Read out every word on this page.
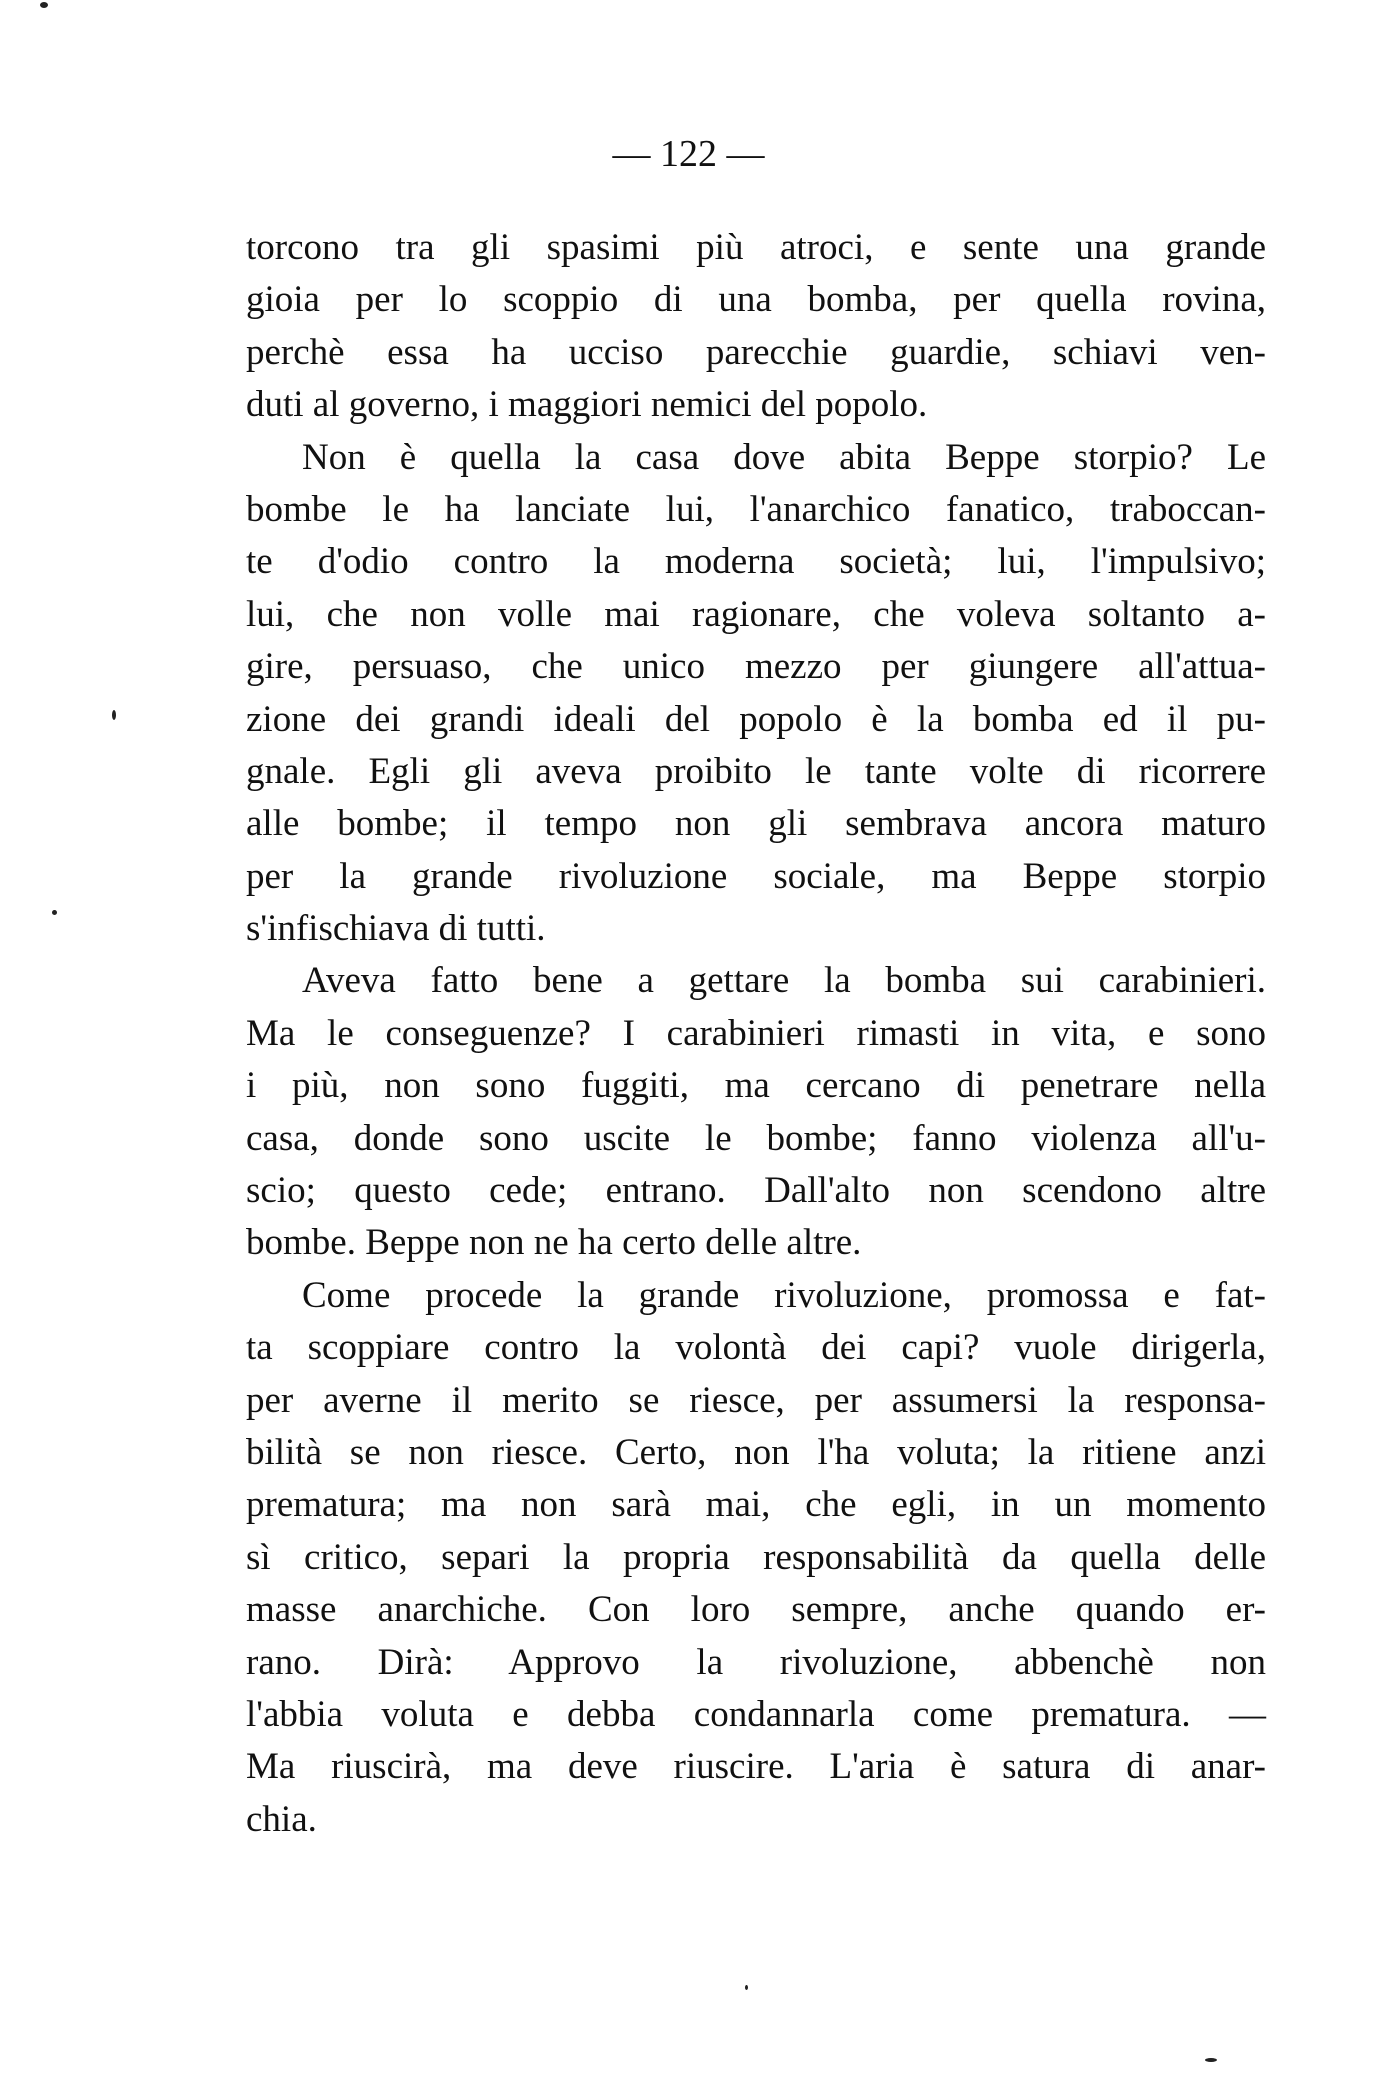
— 122 —
torcono tra gli spasimi più atroci, e sente una grande
gioia per lo scoppio di una bomba, per quella rovina,
perchè essa ha ucciso parecchie guardie, schiavi ven-
duti al governo, i maggiori nemici del popolo.
Non è quella la casa dove abita Beppe storpio? Le
bombe le ha lanciate lui, l'anarchico fanatico, traboccan-
te d'odio contro la moderna società; lui, l'impulsivo;
lui, che non volle mai ragionare, che voleva soltanto a-
gire, persuaso, che unico mezzo per giungere all'attua-
zione dei grandi ideali del popolo è la bomba ed il pu-
gnale. Egli gli aveva proibito le tante volte di ricorrere
alle bombe; il tempo non gli sembrava ancora maturo
per la grande rivoluzione sociale, ma Beppe storpio
s'infischiava di tutti.
Aveva fatto bene a gettare la bomba sui carabinieri.
Ma le conseguenze? I carabinieri rimasti in vita, e sono
i più, non sono fuggiti, ma cercano di penetrare nella
casa, donde sono uscite le bombe; fanno violenza all'u-
scio; questo cede; entrano. Dall'alto non scendono altre
bombe. Beppe non ne ha certo delle altre.
Come procede la grande rivoluzione, promossa e fat-
ta scoppiare contro la volontà dei capi? vuole dirigerla,
per averne il merito se riesce, per assumersi la responsa-
bilità se non riesce. Certo, non l'ha voluta; la ritiene anzi
prematura; ma non sarà mai, che egli, in un momento
sì critico, separi la propria responsabilità da quella delle
masse anarchiche. Con loro sempre, anche quando er-
rano. Dirà: Approvo la rivoluzione, abbenchè non
l'abbia voluta e debba condannarla come prematura. —
Ma riuscirà, ma deve riuscire. L'aria è satura di anar-
chia.
